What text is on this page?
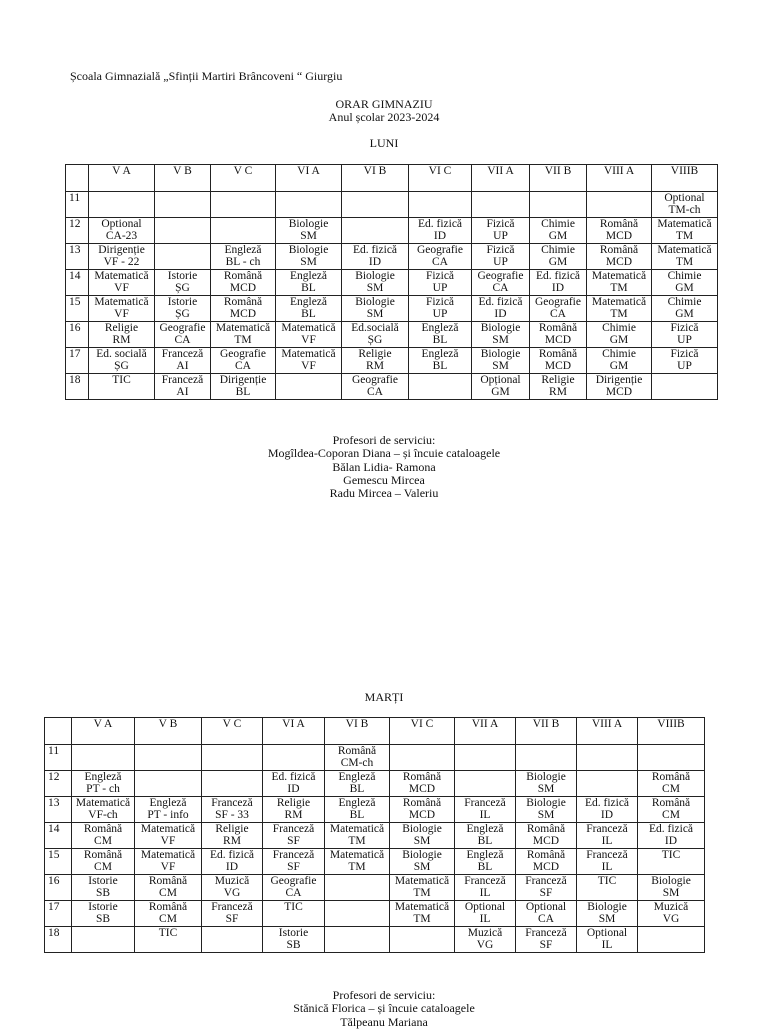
Școala Gimnazială „Sfinții Martiri Brâncoveni “ Giurgiu
ORAR GIMNAZIU
Anul școlar 2023-2024
LUNI
	V A	V B	V C	VI A	VI B	VI C	VII A	VII B	VIII A	VIIIB
11										Optional
TM-ch

12	Optional
CA-23			Biologie
SM		Ed. fizică
ID	Fizică
UP	Chimie
GM	Română
MCD	Matematică
TM

13	Dirigenție
VF - 22		Engleză
BL - ch	Biologie
SM	Ed. fizică
ID	Geografie
CA	Fizică
UP	Chimie
GM	Română
MCD	Matematică
TM

14	Matematică
VF	Istorie
ȘG	Română
MCD	Engleză
BL	Biologie
SM	Fizică
UP	Geografie
CA	Ed. fizică
ID	Matematică
TM	Chimie
GM

15	Matematică
VF	Istorie
ȘG	Română
MCD	Engleză
BL	Biologie
SM	Fizică
UP	Ed. fizică
ID	Geografie
CA	Matematică
TM	Chimie
GM

16	Religie
RM	Geografie
CA	Matematică
TM	Matematică
VF	Ed.socială
ȘG	Engleză
BL	Biologie
SM	Română
MCD	Chimie
GM	Fizică
UP

17	Ed. socială
ȘG	Franceză
AI	Geografie
CA	Matematică
VF	Religie
RM	Engleză
BL	Biologie
SM	Română
MCD	Chimie
GM	Fizică
UP

18	TIC	Franceză
AI	Dirigenție
BL		Geografie
CA		Opțional
GM	Religie
RM	Dirigenție
MCD	

Profesori de serviciu:
Mogîldea-Coporan Diana – și încuie cataloagele
Bălan Lidia- Ramona
Gemescu Mircea
Radu Mircea – Valeriu
MARȚI
	V A	V B	V C	VI A	VI B	VI C	VII A	VII B	VIII A	VIIIB
11					Română
CM-ch					

12	Engleză
PT - ch			Ed. fizică
ID	Engleză
BL	Română
MCD		Biologie
SM		Română
CM

13	Matematică
VF-ch	Engleză
PT - info	Franceză
SF - 33	Religie
RM	Engleză
BL	Română
MCD	Franceză
IL	Biologie
SM	Ed. fizică
ID	Română
CM

14	Română
CM	Matematică
VF	Religie
RM	Franceză
SF	Matematică
TM	Biologie
SM	Engleză
BL	Română
MCD	Franceză
IL	Ed. fizică
ID

15	Română
CM	Matematică
VF	Ed. fizică
ID	Franceză
SF	Matematică
TM	Biologie
SM	Engleză
BL	Română
MCD	Franceză
IL	TIC

16	Istorie
SB	Română
CM	Muzică
VG	Geografie
CA		Matematică
TM	Franceză
IL	Franceză
SF	TIC	Biologie
SM

17	Istorie
SB	Română
CM	Franceză
SF	TIC		Matematică
TM	Optional
IL	Optional
CA	Biologie
SM	Muzică
VG

18		TIC		Istorie
SB			Muzică
VG	Franceză
SF	Optional
IL	

Profesori de serviciu:
Stănică Florica – și încuie cataloagele
Tălpeanu Mariana
